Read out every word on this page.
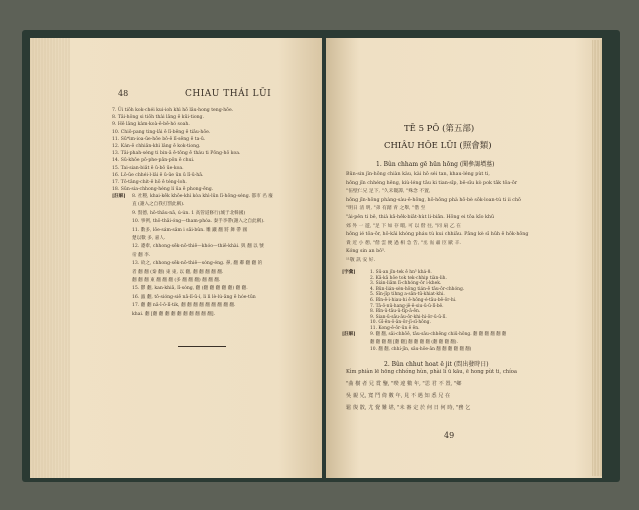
48	CHIAU THÁI LŪI
7. Ūi tiōh kok-chéi kui-ioh khì hō lâu-hong teng-hōe.
8. Tāi-hông si tiōh thài lâng ē kūi-tiong.
9. Hē lâng kàm-koà-ē-bē-hó soah.
10. Chiō-pang ting-lâi ē lī-bēng ē tiāu-hōe.
11. Sū*im-ioa-ūe-hōe bô-ē lī-sêng ē ta-ū.
12. Kán-ē chhiân-khì lâng ē kok-tiong.
13. Tāi-phah-séng ti bin-ā ē-tōng ē tháu ti Pōng-hō koa.
14. Sū-khōe pō-phe-pān-pōn ē chui.
15. Tai-sian-biât ē ū-bô ūe-koa.
16. Lō-ūe chhéi-l-lâi ē ū-ūe ūn ū lī-ū-hā.
17. Tō-tāng-chit-ē hō ē téng-loh.
18. Sūn-sia-chhong-héng lí ūa ē phong-ēng.
[註解] 8. 社稷, khai-kēk khōe-khì kòa khì-lūn lī-hōng-séng. 都市 名 廢
直 (謝入之自我打罰此稱).
9. 賢德, hō-thâu-nā, ú-ún. 1 高管道修行(城于北韓國)
10. 事例, thō-thāi-óng—tham-phóa. 秦手李帶(謝入之自此稱).
11. 數多, lōe-sám-sâm i sāi-bûn. 雕 鐵 翻 將 舞 帶 國
楚以數 多, 嘉人.
12. 遷牽, chhong-sēk-nō-thiê—khóo—thiê-khài. 與 翻 以 號
帝 翻 李.
13. 故之, chhong-sēk-nō-thiê—sóng-éng. 鼻, 翻 鄰 翻 翻 的
者 翻 翻 (秦 翻) 東 東, 以 翻, 翻 翻 翻 翻 翻.
翻 翻 翻 東 翻 翻 翻 (多 翻 翻 翻) 翻 翻 翻.
15. 鬱 翻, kan-khiā, lī-sóng, 翻 (翻 翻 翻 翻 翻) 翻 翻.
16. 蟲 翻, tō-sióng-siē nā-lî-ū-í, lì lì lè-lú-āng ē hóe-tūn
17. 翻 翻 nā-ī-ō-lī-tik, 翻 翻 翻 翻 翻 翻 翻 翻 翻.
khai. 翻 [翻 翻 翻 翻 翻 翻 翻 翻 翻 翻].
TĒ 5 PŌ (第五部)
CHIÂU HŌE LŪI (照會類)
1. Bûn chham gē hūn hōng (聞參謁墳墓)
Bûn-sin jîn-hōng chiàn kàu, kài hō séi tan, khau-léng pùt ti,
hōng jîn chhéng hêng, kiù-léng tāu ki tian-sīp, bē-sīu kò pok tāk tōa-ōr
"伍壁仁兄 足下, "久未覩譚, "殊念 不置,
hōng jīn-hōng phàng-sàu-ē-hōng, hō-hōng phà hō-bè sōk-loan-tú ti ii chō
"明日 清 明, "弟 有踏 青 之舉, "偕 至
"ài-pên ti bê, thià kā-hêk-biāt-hùt li-biān. Hōng ei tōa kīo khū
郊 外 一 遊, "足 下 如 存 暇, 可 以 偕 往, "同 扇 乙 在
hōng ié tōa-ōr, hō-kāi khóng pháu tù kui chhiāu. Pāng kè sī hūh ē hōk-hōng
貴 近 小 憩, "偕 雲 便 過 相 急 告, "丞 耑 肅 臣 歐 辛.
Kóng sin an bō⁵.
¹¹敬 訊 安 好.
[字彙]	1. Sū-an jîn-tek ē hn⁵ khá-8.
2. Kā-kā hōe tok tek-chhip tiàn-lih.
3. Sián-liām lī-chhóng-ōr i-khek.
4. Bûn-lián-sèn-hōng tián-ē tāu-ōr-chhóng.
5. Sīn-jīp tihng a-sān-tū-khiat-khi.
6. Bīn-ē-ì-hiau-hi ē-hōng-é-tāu-bē-ōr-hi.
7. Tâ-ō-nū-hang-jē-ē-siu-ū-ū-lī-bê.
8. Bīn-ū-tāu-ū-tīp-ā-ēn.
9. Sian-ū-sāu-āu-ōr-khi-hì-ōr-ū-ū-lī.
10. Gī-ēn-ō-ān-ōr-jī-sī-hōng.
11. Kong-ē-ōr-ūn ē ēn.
[註解]	9. 翻 翻, sāi-chhōē, tāu-sāu-chhēng chiū-hōng. 翻 翻 翻 翻 翻 翻
翻 翻 翻 翻 [翻 翻] 翻 翻 翻 翻 (翻 翻 翻 翻).
10. 翻 翻, chhí-jīn, sāu-hōe-ān 翻 翻 翻 翻 翻 翻)
2. Bûn chhut hoat ē jit (問出發時日)
Kìm phiàn lē hōng chhóng hùn, phài lí ū kāu, ē hong pùt ti, chíoa
"曲 樹 者 兄 賞 鑒, "暌 違 數 年, "思 君 不 置, "鄉
吳 親 兄, 寬 鬥 倚 數 年, 見 不 遇 知 悉 兄 在
鬆 復 散, 尤 覺 難 堪, "未 審 定 於 何 日 何 時, "務 乞
49
